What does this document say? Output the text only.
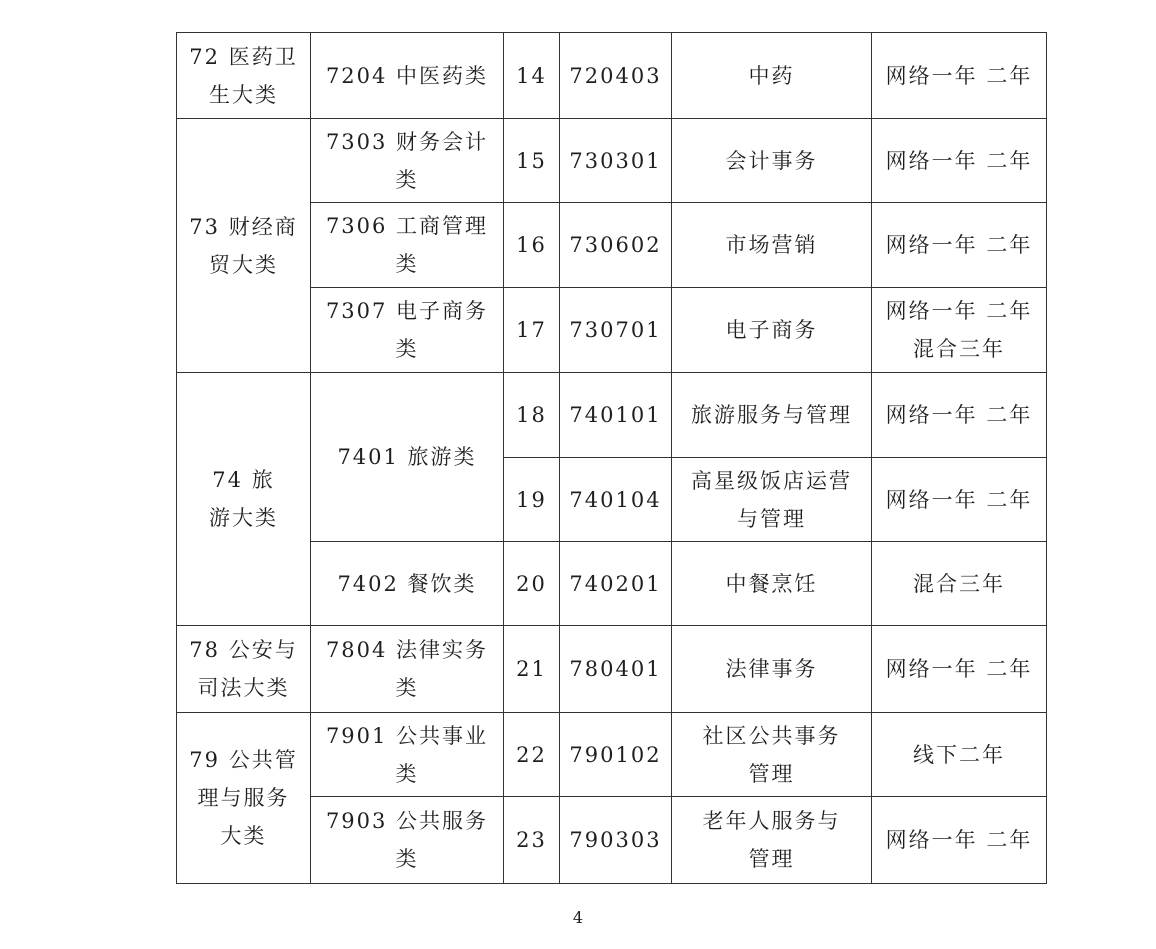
72 医药卫生大类	7204 中医药类	14	720403	中药	网络一年 二年
73 财经商贸大类	7303 财务会计类	15	730301	会计事务	网络一年 二年
	7306 工商管理类	16	730602	市场营销	网络一年 二年
	7307 电子商务类	17	730701	电子商务	网络一年 二年 混合三年
74 旅游大类	7401 旅游类	18	740101	旅游服务与管理	网络一年 二年
		19	740104	高星级饭店运营与管理	网络一年 二年
	7402 餐饮类	20	740201	中餐烹饪	混合三年
78 公安与司法大类	7804 法律实务类	21	780401	法律事务	网络一年 二年
79 公共管理与服务大类	7901 公共事业类	22	790102	社区公共事务管理	线下二年
	7903 公共服务类	23	790303	老年人服务与管理	网络一年 二年
4
